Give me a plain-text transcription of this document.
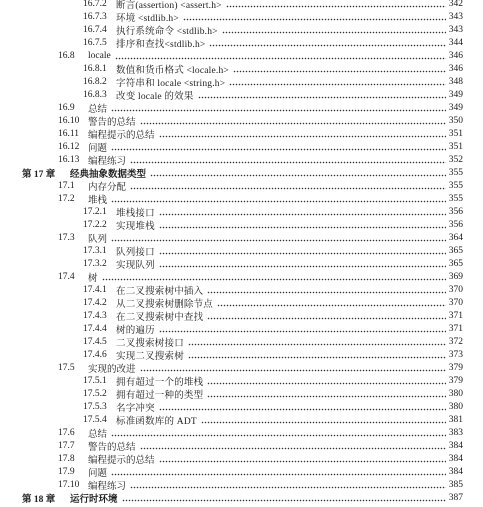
16.7.2 断言(assertion) <assert.h>	342
16.7.3 环境 <stdlib.h>	343
16.7.4 执行系统命令 <stdlib.h>	343
16.7.5 排序和查找<stdlib.h>	344
16.8	locale	346
16.8.1 数值和货币格式 <locale.h>	346
16.8.2 字符串和 locale <string.h>	348
16.8.3 改变 locale 的效果	349
16.9	总结	349
16.10 警告的总结	350
16.11 编程提示的总结	351
16.12 问题	351
16.13 编程练习	352
第 17 章	经典抽象数据类型	355
17.1	内存分配	355
17.2	堆栈	355
17.2.1 堆栈接口	356
17.2.2 实现堆栈	356
17.3	队列	364
17.3.1 队列接口	365
17.3.2 实现队列	365
17.4	树	369
17.4.1 在二叉搜索树中插入	370
17.4.2 从二叉搜索树删除节点	370
17.4.3 在二叉搜索树中查找	371
17.4.4 树的遍历	371
17.4.5 二叉搜索树接口	372
17.4.6 实现二叉搜索树	373
17.5	实现的改进	379
17.5.1 拥有超过一个的堆栈	379
17.5.2 拥有超过一种的类型	380
17.5.3 名字冲突	380
17.5.4 标准函数库的 ADT	381
17.6	总结	383
17.7	警告的总结	384
17.8	编程提示的总结	384
17.9	问题	384
17.10 编程练习	385
第 18 章	运行时环境	387
